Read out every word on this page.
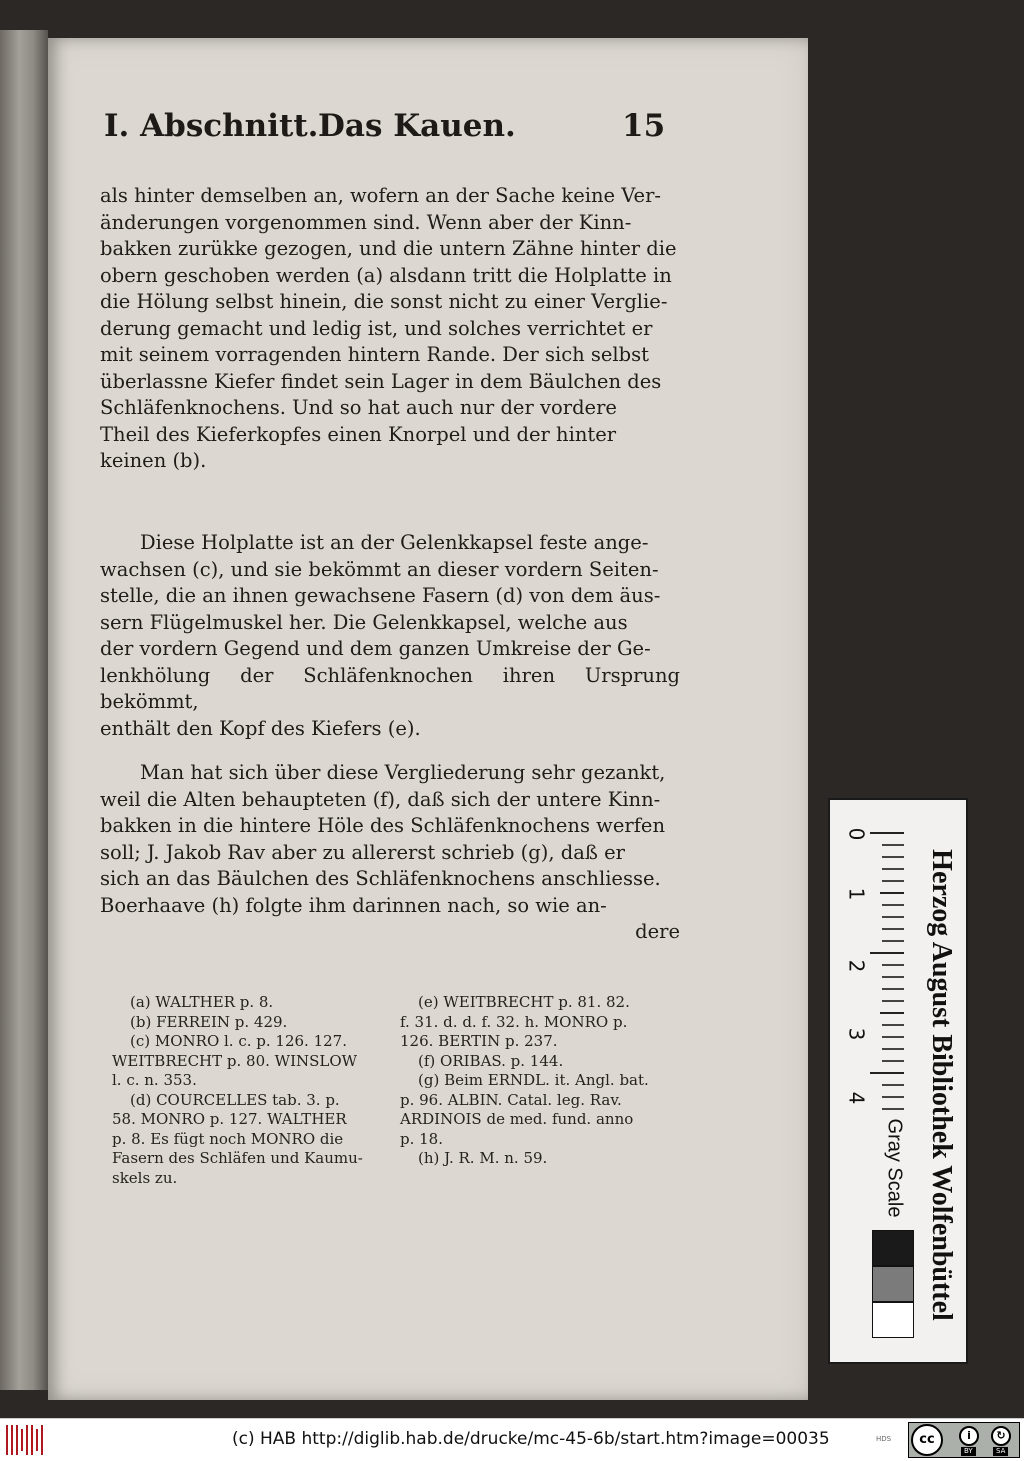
I. Abschnitt. Das Kauen.	15

als hinter demselben an, wofern an der Sache keine Ver-

änderungen vorgenommen sind. Wenn aber der Kinn-

bakken zurükke gezogen, und die untern Zähne hinter die

obern geschoben werden (a) alsdann tritt die Holplatte in

die Hölung selbst hinein, die sonst nicht zu einer Verglie-

derung gemacht und ledig ist, und solches verrichtet er

mit seinem vorragenden hintern Rande. Der sich selbst

überlassne Kiefer findet sein Lager in dem Bäulchen des

Schläfenknochens. Und so hat auch nur der vordere

Theil des Kieferkopfes einen Knorpel und der hinter

keinen (b).

Diese Holplatte ist an der Gelenkkapsel feste ange-

wachsen (c), und sie bekömmt an dieser vordern Seiten-

stelle, die an ihnen gewachsene Fasern (d) von dem äus-

sern Flügelmuskel her. Die Gelenkkapsel, welche aus

der vordern Gegend und dem ganzen Umkreise der Ge-

lenkhölung der Schläfenknochen ihren Ursprung bekömmt,

enthält den Kopf des Kiefers (e).

Man hat sich über diese Vergliederung sehr gezankt,

weil die Alten behaupteten (f), daß sich der untere Kinn-

bakken in die hintere Höle des Schläfenknochens werfen

soll; J. Jakob Rav aber zu allererst schrieb (g), daß er

sich an das Bäulchen des Schläfenknochens anschliesse.

Boerhaave (h) folgte ihm darinnen nach, so wie an-

dere

(a) WALTHER p. 8.

(b) FERREIN p. 429.

(c) MONRO l. c. p. 126. 127.

WEITBRECHT p. 80. WINSLOW

l. c. n. 353.

(d) COURCELLES tab. 3. p.

58. MONRO p. 127. WALTHER

p. 8. Es fügt noch MONRO die

Fasern des Schläfen und Kaumu-

skels zu.

(e) WEITBRECHT p. 81. 82.

f. 31. d. d. f. 32. h. MONRO p.

126. BERTIN p. 237.

(f) ORIBAS. p. 144.

(g) Beim ERNDL. it. Angl. bat.

p. 96. ALBIN. Catal. leg. Rav.

ARDINOIS de med. fund. anno

p. 18.

(h) J. R. M. n. 59.

0
1
2
3
4 Herzog August Bibliothek Wolfenbüttel
Gray Scale
(c) HAB http://diglib.hab.de/drucke/mc-45-6b/start.htm?image=00035	HDS	cc	i	↻
BY	SA
